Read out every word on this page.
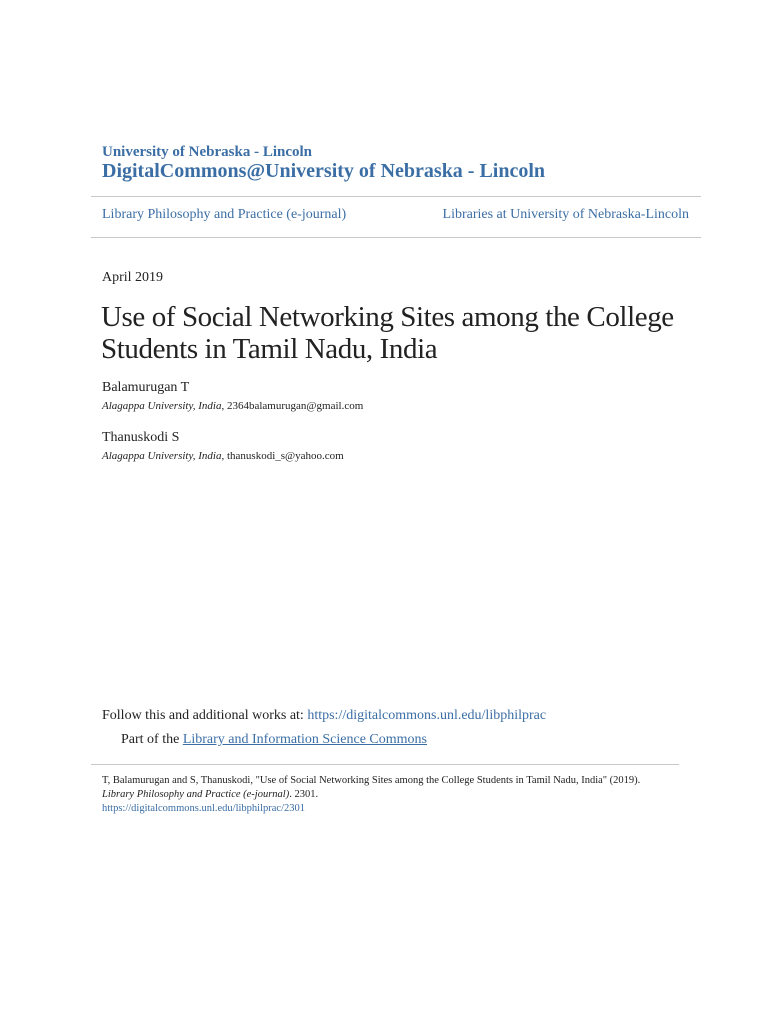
University of Nebraska - Lincoln
DigitalCommons@University of Nebraska - Lincoln
Library Philosophy and Practice (e-journal)	Libraries at University of Nebraska-Lincoln
April 2019
Use of Social Networking Sites among the College Students in Tamil Nadu, India
Balamurugan T
Alagappa University, India, 2364balamurugan@gmail.com
Thanuskodi S
Alagappa University, India, thanuskodi_s@yahoo.com
Follow this and additional works at: https://digitalcommons.unl.edu/libphilprac
Part of the Library and Information Science Commons
T, Balamurugan and S, Thanuskodi, "Use of Social Networking Sites among the College Students in Tamil Nadu, India" (2019).
Library Philosophy and Practice (e-journal). 2301.
https://digitalcommons.unl.edu/libphilprac/2301
